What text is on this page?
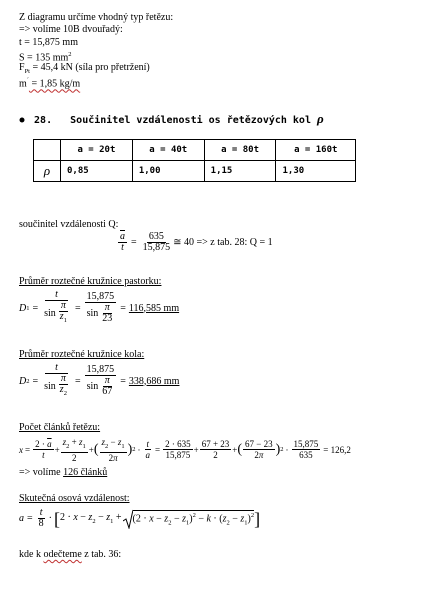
Z diagramu určíme vhodný typ řetězu:
=> volíme 10B dvouřadý:
t = 15,875 mm
S = 135 $mm^2$
$F_{Pt} = 45,4$ kN (síla pro přetržení)
m´ = 1,85 kg/m
28. Součinitel vzdálenosti os řetězových kol ρ
	a = 20t	a = 40t	a = 80t	a = 160t
ρ	0,85	1,00	1,15	1,30
součinitel vzdálenosti Q:
$\frac{\overline{a}}{t} = \frac{635}{15,875}$ ≅ 40 => z tab. 28: Q = 1
Průměr roztečné kružnice pastorku:
D $1 = \frac{t}{\sin \frac{\pi}{z_1}} = \frac{15,875}{\sin \frac{\pi}{23}} = 116,585$ mm
Průměr roztečné kružnice kola:
D $2 = \frac{t}{\sin \frac{\pi}{z_2}} = \frac{15,875}{\sin \frac{\pi}{67}} = 338,686$ mm
Počet článků řetězu:
$x = \frac{2 \cdot \overline{a}}{t} + \frac{z_2 + z_1}{2}$ + ( $\frac{z_2 - z_1}{2\pi}$ ) $2 \cdot \frac{t}{a} = \frac{2 \cdot 635}{15,875} + \frac{67 + 23}{2}$ + ( $\frac{67 - 23}{2\pi}$ ) $2 \cdot \frac{15,875}{635} = 126,2$
=> volíme 126 článků
Skutečná osová vzdálenost:
$a = \frac{t}{8}$ · [ $2 \cdot x - z_2 - z_1 + (2 \cdot x - z_2 - z_1)^2 - k \cdot (z_2 - z_1)^2$ ]
kde k odečteme z tab. 36:
